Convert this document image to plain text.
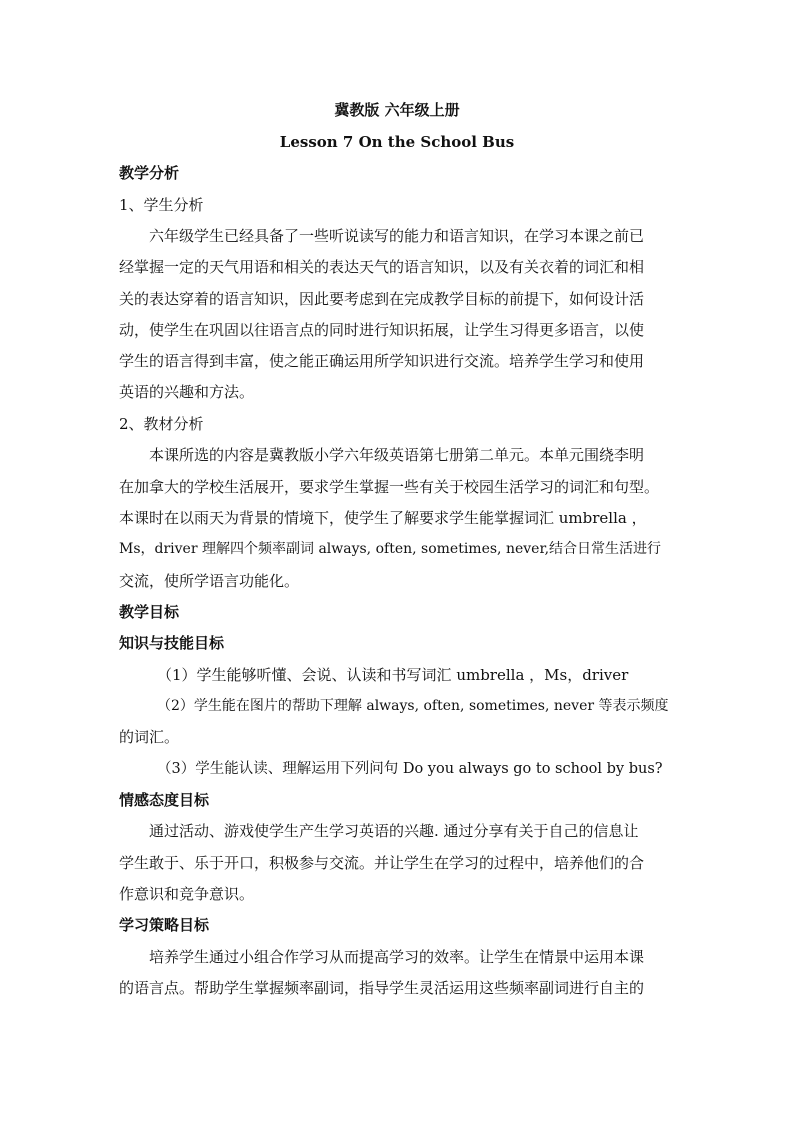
冀教版 六年级上册
Lesson 7 On the School Bus
教学分析
1、学生分析
六年级学生已经具备了一些听说读写的能力和语言知识，在学习本课之前已
经掌握一定的天气用语和相关的表达天气的语言知识，以及有关衣着的词汇和相
关的表达穿着的语言知识，因此要考虑到在完成教学目标的前提下，如何设计活
动，使学生在巩固以往语言点的同时进行知识拓展，让学生习得更多语言，以使
学生的语言得到丰富，使之能正确运用所学知识进行交流。培养学生学习和使用
英语的兴趣和方法。
2、教材分析
本课所选的内容是冀教版小学六年级英语第七册第二单元。本单元围绕李明
在加拿大的学校生活展开，要求学生掌握一些有关于校园生活学习的词汇和句型。
本课时在以雨天为背景的情境下，使学生了解要求学生能掌握词汇 umbrella ，
Ms，driver 理解四个频率副词 always, often, sometimes, never,结合日常生活进行
交流，使所学语言功能化。
教学目标
知识与技能目标
（1）学生能够听懂、会说、认读和书写词汇 umbrella ，Ms，driver
（2）学生能在图片的帮助下理解 always, often, sometimes, never 等表示频度
的词汇。
（3）学生能认读、理解运用下列问句 Do you always go to school by bus?
情感态度目标
通过活动、游戏使学生产生学习英语的兴趣. 通过分享有关于自己的信息让
学生敢于、乐于开口，积极参与交流。并让学生在学习的过程中，培养他们的合
作意识和竞争意识。
学习策略目标
培养学生通过小组合作学习从而提高学习的效率。让学生在情景中运用本课
的语言点。帮助学生掌握频率副词，指导学生灵活运用这些频率副词进行自主的
